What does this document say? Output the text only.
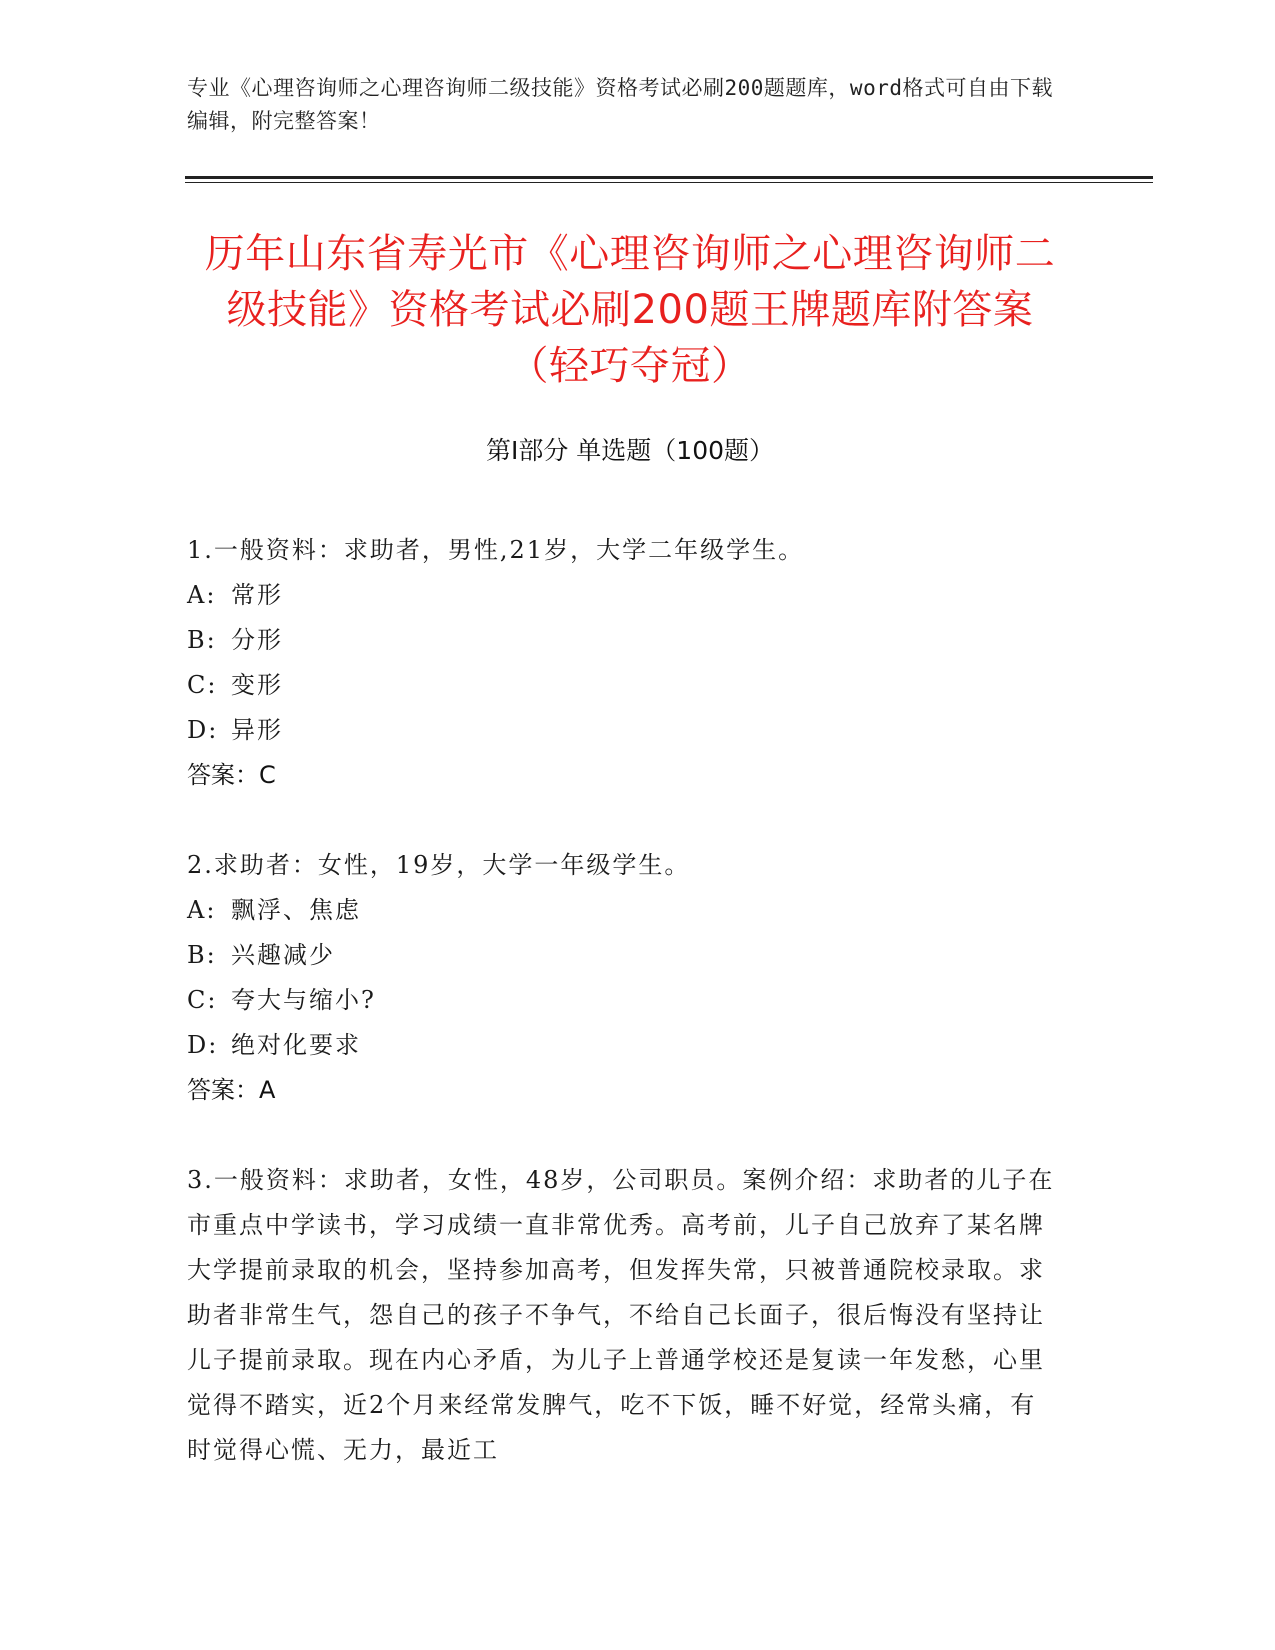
专业《心理咨询师之心理咨询师二级技能》资格考试必刷200题题库，word格式可自由下载编辑，附完整答案！
历年山东省寿光市《心理咨询师之心理咨询师二级技能》资格考试必刷200题王牌题库附答案（轻巧夺冠）
第Ⅰ部分 单选题（100题）

1.一般资料：求助者，男性,21岁，大学二年级学生。

A: 常形

B: 分形

C: 变形

D: 异形

答案：C

2.求助者：女性，19岁，大学一年级学生。

A: 飘浮、焦虑

B: 兴趣减少

C: 夸大与缩小?

D: 绝对化要求

答案：A

3.一般资料：求助者，女性，48岁，公司职员。案例介绍：求助者的儿子在市重点中学读书，学习成绩一直非常优秀。高考前，儿子自己放弃了某名牌大学提前录取的机会，坚持参加高考，但发挥失常，只被普通院校录取。求助者非常生气，怨自己的孩子不争气，不给自己长面子，很后悔没有坚持让儿子提前录取。现在内心矛盾，为儿子上普通学校还是复读一年发愁，心里觉得不踏实，近2个月来经常发脾气，吃不下饭，睡不好觉，经常头痛，有时觉得心慌、无力，最近工
